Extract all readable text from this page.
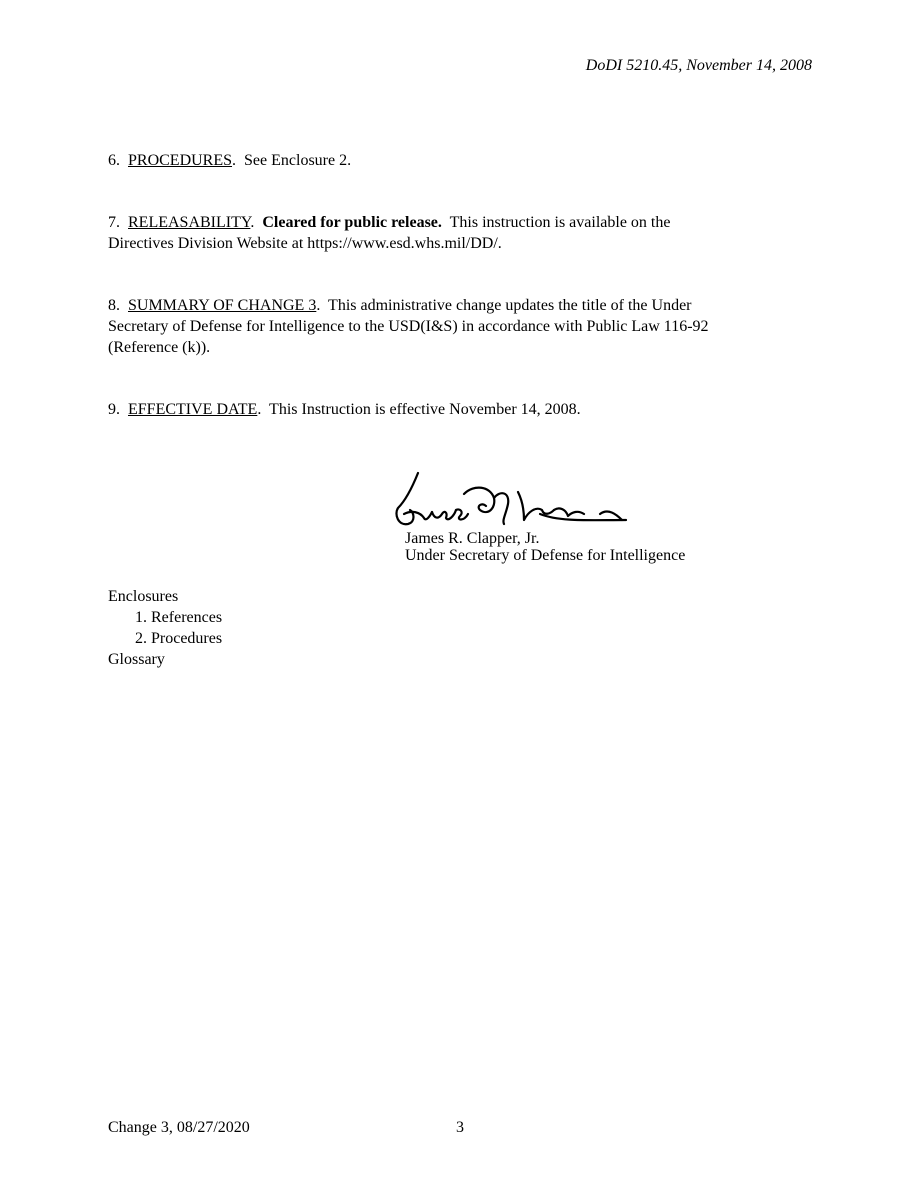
DoDI 5210.45, November 14, 2008
6. PROCEDURES. See Enclosure 2.
7. RELEASABILITY. Cleared for public release. This instruction is available on the
Directives Division Website at https://www.esd.whs.mil/DD/.
8. SUMMARY OF CHANGE 3. This administrative change updates the title of the Under
Secretary of Defense for Intelligence to the USD(I&S) in accordance with Public Law 116-92
(Reference (k)).
9. EFFECTIVE DATE. This Instruction is effective November 14, 2008.
James R. Clapper, Jr.
Under Secretary of Defense for Intelligence
Enclosures
1. References
2. Procedures
Glossary
Change 3, 08/27/2020	3
